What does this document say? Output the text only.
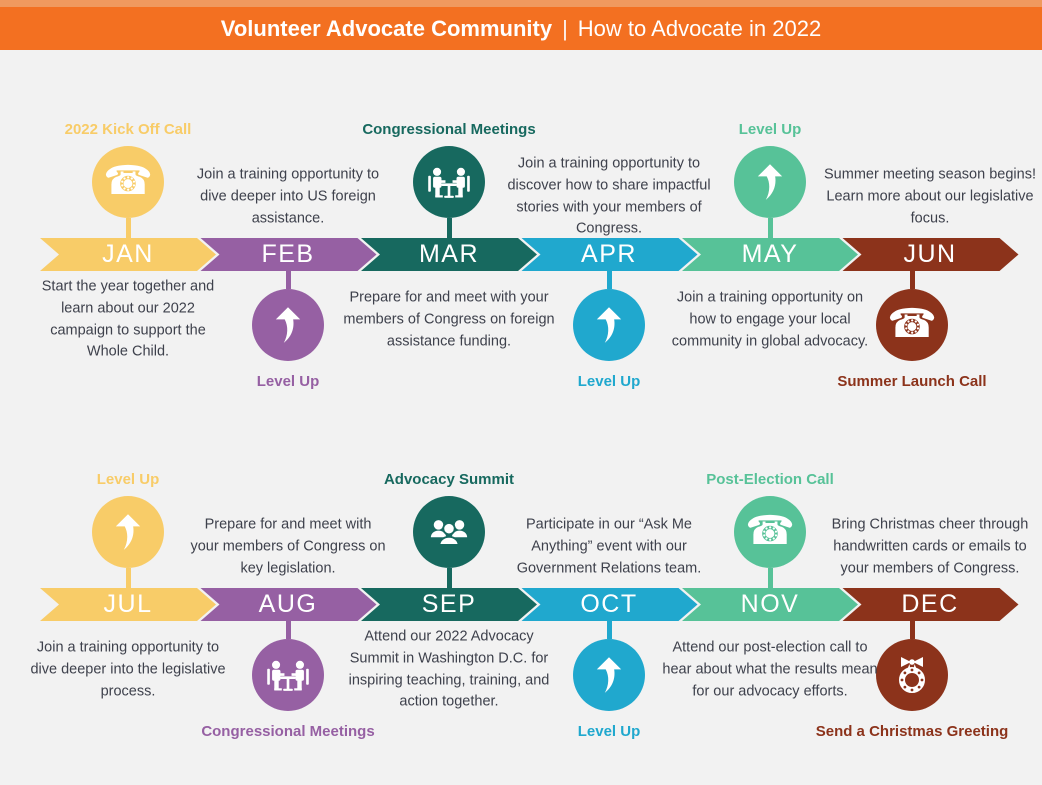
Volunteer Advocate Community | How to Advocate in 2022
JAN	FEB	MAR	APR	MAY	JUN
JUL	AUG	SEP	OCT	NOV	DEC
2022 Kick Off Call
☎
Congressional Meetings	Level Up
Level Up	Level Up
☎
Summer Launch Call
Level Up	Advocacy Summit	Post-Election Call
☎
Congressional Meetings	Level Up	Send a Christmas Greeting
Start the year together and learn about our 2022 campaign to support the Whole Child.
Join a training opportunity to dive deeper into US foreign assistance.
Prepare for and meet with your members of Congress on foreign assistance funding.
Join a training opportunity to discover how to share impactful stories with your members of Congress.
Join a training opportunity on how to engage your local community in global advocacy.
Summer meeting season begins! Learn more about our legislative focus.
Join a training opportunity to dive deeper into the legislative process.
Prepare for and meet with your members of Congress on key legislation.
Attend our 2022 Advocacy Summit in Washington D.C. for inspiring teaching, training, and action together.
Participate in our “Ask Me Anything” event with our Government Relations team.
Attend our post-election call to hear about what the results mean for our advocacy efforts.
Bring Christmas cheer through handwritten cards or emails to your members of Congress.
